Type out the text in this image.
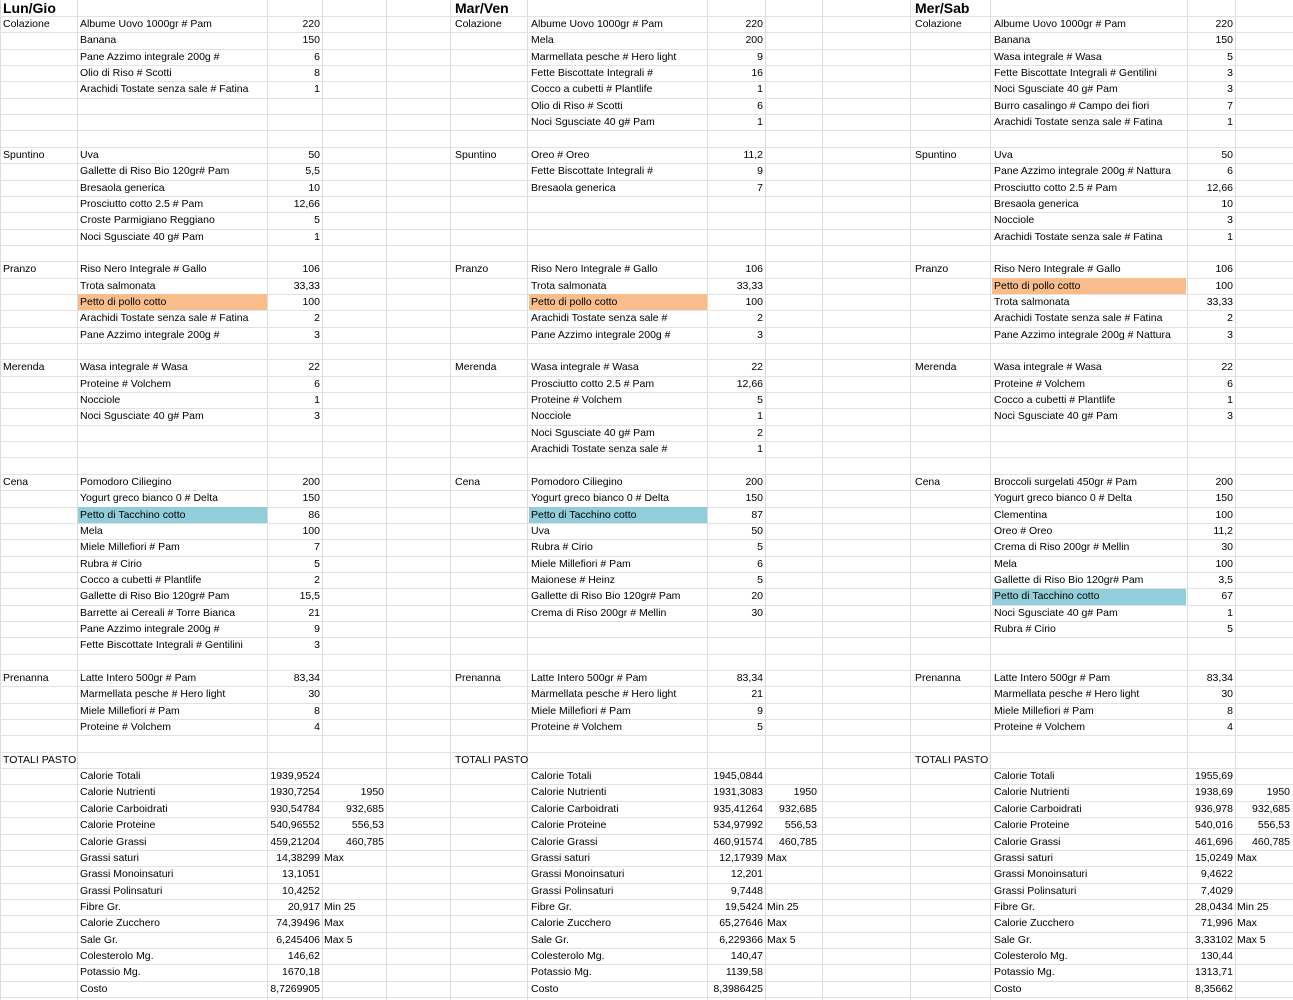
Lun/Gio
Colazione	Albume Uovo 1000gr # Pam	220
Banana	150
Pane Azzimo integrale 200g #	6
Olio di Riso # Scotti	8
Arachidi Tostate senza sale # Fatina	1
Spuntino	Uva	50
Gallette di Riso Bio 120gr# Pam	5,5
Bresaola generica	10
Prosciutto cotto 2.5 # Pam	12,66
Croste Parmigiano Reggiano	5
Noci Sgusciate 40 g# Pam	1
Pranzo	Riso Nero Integrale # Gallo	106
Trota salmonata	33,33
Petto di pollo cotto	100
Arachidi Tostate senza sale # Fatina	2
Pane Azzimo integrale 200g #	3
Merenda	Wasa integrale # Wasa	22
Proteine # Volchem	6
Nocciole	1
Noci Sgusciate 40 g# Pam	3
Cena	Pomodoro Ciliegino	200
Yogurt greco bianco 0 # Delta	150
Petto di Tacchino cotto	86
Mela	100
Miele Millefiori # Pam	7
Rubra # Cirio	5
Cocco a cubetti # Plantlife	2
Gallette di Riso Bio 120gr# Pam	15,5
Barrette ai Cereali # Torre Bianca	21
Pane Azzimo integrale 200g #	9
Fette Biscottate Integrali # Gentilini	3
Prenanna	Latte Intero 500gr # Pam	83,34
Marmellata pesche # Hero light	30
Miele Millefiori # Pam	8
Proteine # Volchem	4
TOTALI PASTO
Calorie Totali	1939,9524
Calorie Nutrienti	1930,7254	1950
Calorie Carboidrati	930,54784	932,685
Calorie Proteine	540,96552	556,53
Calorie Grassi	459,21204	460,785
Grassi saturi	14,38299 Max
Grassi Monoinsaturi	13,1051
Grassi Polinsaturi	10,4252
Fibre Gr.	20,917 Min 25
Calorie Zucchero	74,39496 Max
Sale Gr.	6,245406 Max 5
Colesterolo Mg.	146,62
Potassio Mg.	1670,18
Costo	8,7269905
Mar/Ven
Colazione	Albume Uovo 1000gr # Pam	220
Mela	200
Marmellata pesche # Hero light	9
Fette Biscottate Integrali #	16
Cocco a cubetti # Plantlife	1
Olio di Riso # Scotti	6
Noci Sgusciate 40 g# Pam	1
Spuntino	Oreo # Oreo	11,2
Fette Biscottate Integrali #	9
Bresaola generica	7
Pranzo	Riso Nero Integrale # Gallo	106
Trota salmonata	33,33
Petto di pollo cotto	100
Arachidi Tostate senza sale #	2
Pane Azzimo integrale 200g #	3
Merenda	Wasa integrale # Wasa	22
Prosciutto cotto 2.5 # Pam	12,66
Proteine # Volchem	5
Nocciole	1
Noci Sgusciate 40 g# Pam	2
Arachidi Tostate senza sale #	1
Cena	Pomodoro Ciliegino	200
Yogurt greco bianco 0 # Delta	150
Petto di Tacchino cotto	87
Uva	50
Rubra # Cirio	5
Miele Millefiori # Pam	6
Maionese # Heinz	5
Gallette di Riso Bio 120gr# Pam	20
Crema di Riso 200gr # Mellin	30
Prenanna	Latte Intero 500gr # Pam	83,34
Marmellata pesche # Hero light	21
Miele Millefiori # Pam	9
Proteine # Volchem	5
TOTALI PASTO
Calorie Totali	1945,0844
Calorie Nutrienti	1931,3083	1950
Calorie Carboidrati	935,41264	932,685
Calorie Proteine	534,97992	556,53
Calorie Grassi	460,91574	460,785
Grassi saturi	12,17939 Max
Grassi Monoinsaturi	12,201
Grassi Polinsaturi	9,7448
Fibre Gr.	19,5424 Min 25
Calorie Zucchero	65,27646 Max
Sale Gr.	6,229366 Max 5
Colesterolo Mg.	140,47
Potassio Mg.	1139,58
Costo	8,3986425
Mer/Sab
Colazione	Albume Uovo 1000gr # Pam	220
Banana	150
Wasa integrale # Wasa	5
Fette Biscottate Integrali # Gentilini	3
Noci Sgusciate 40 g# Pam	3
Burro casalingo # Campo dei fiori	7
Arachidi Tostate senza sale # Fatina	1
Spuntino	Uva	50
Pane Azzimo integrale 200g # Nattura	6
Prosciutto cotto 2.5 # Pam	12,66
Bresaola generica	10
Nocciole	3
Arachidi Tostate senza sale # Fatina	1
Pranzo	Riso Nero Integrale # Gallo	106
Petto di pollo cotto	100
Trota salmonata	33,33
Arachidi Tostate senza sale # Fatina	2
Pane Azzimo integrale 200g # Nattura	3
Merenda	Wasa integrale # Wasa	22
Proteine # Volchem	6
Cocco a cubetti # Plantlife	1
Noci Sgusciate 40 g# Pam	3
Cena	Broccoli surgelati 450gr # Pam	200
Yogurt greco bianco 0 # Delta	150
Clementina	100
Oreo # Oreo	11,2
Crema di Riso 200gr # Mellin	30
Mela	100
Gallette di Riso Bio 120gr# Pam	3,5
Petto di Tacchino cotto	67
Noci Sgusciate 40 g# Pam	1
Rubra # Cirio	5
Prenanna	Latte Intero 500gr # Pam	83,34
Marmellata pesche # Hero light	30
Miele Millefiori # Pam	8
Proteine # Volchem	4
TOTALI PASTO
Calorie Totali	1955,69
Calorie Nutrienti	1938,69	1950
Calorie Carboidrati	936,978	932,685
Calorie Proteine	540,016	556,53
Calorie Grassi	461,696	460,785
Grassi saturi	15,0249 Max
Grassi Monoinsaturi	9,4622
Grassi Polinsaturi	7,4029
Fibre Gr.	28,0434 Min 25
Calorie Zucchero	71,996 Max
Sale Gr.	3,33102 Max 5
Colesterolo Mg.	130,44
Potassio Mg.	1313,71
Costo	8,35662
